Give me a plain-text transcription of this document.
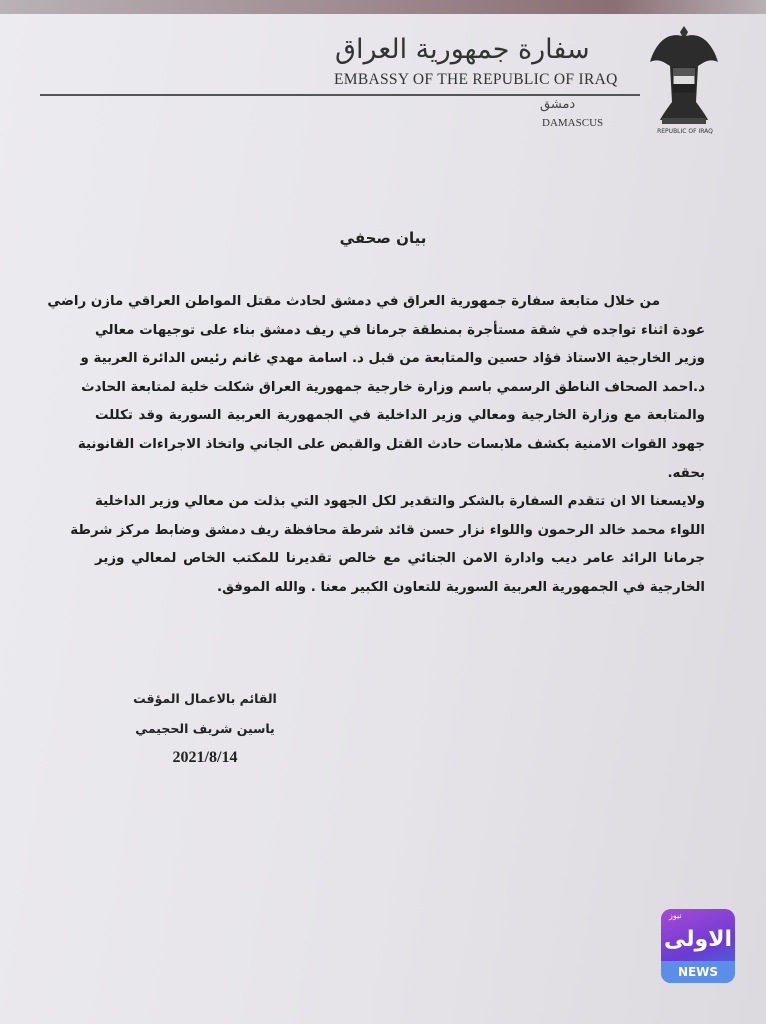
سفارة جمهورية العراق
EMBASSY OF THE REPUBLIC OF IRAQ
دمشق
DAMASCUS
REPUBLIC OF IRAQ
بيان صحفي
من خلال متابعة سفارة جمهورية العراق في دمشق لحادث مقتل المواطن العراقي مازن راضي
عودة اثناء تواجده في شقة مستأجرة بمنطقة جرمانا في ريف دمشق بناء على توجيهات معالي
وزير الخارجية الاستاذ فؤاد حسين والمتابعة من قبل د. اسامة مهدي غانم رئيس الدائرة العربية و
د.احمد الصحاف الناطق الرسمي باسم وزارة خارجية جمهورية العراق شكلت خلية لمتابعة الحادث
والمتابعة مع وزارة الخارجية ومعالي وزير الداخلية في الجمهورية العربية السورية وقد تكللت
جهود القوات الامنية بكشف ملابسات حادث القتل والقبض على الجاني واتخاذ الاجراءات القانونية
بحقه.
ولايسعنا الا ان تتقدم السفارة بالشكر والتقدير لكل الجهود التي بذلت من معالي وزير الداخلية
اللواء محمد خالد الرحمون واللواء نزار حسن قائد شرطة محافظة ريف دمشق وضابط مركز شرطة
جرمانا الرائد عامر ديب وادارة الامن الجنائي مع خالص تقديرنا للمكتب الخاص لمعالي وزير
الخارجية في الجمهورية العربية السورية للتعاون الكبير معنا . والله الموفق.
القائم بالاعمال المؤقت
ياسين شريف الحجيمي
2021/8/14
نيوز
الاولى
NEWS
